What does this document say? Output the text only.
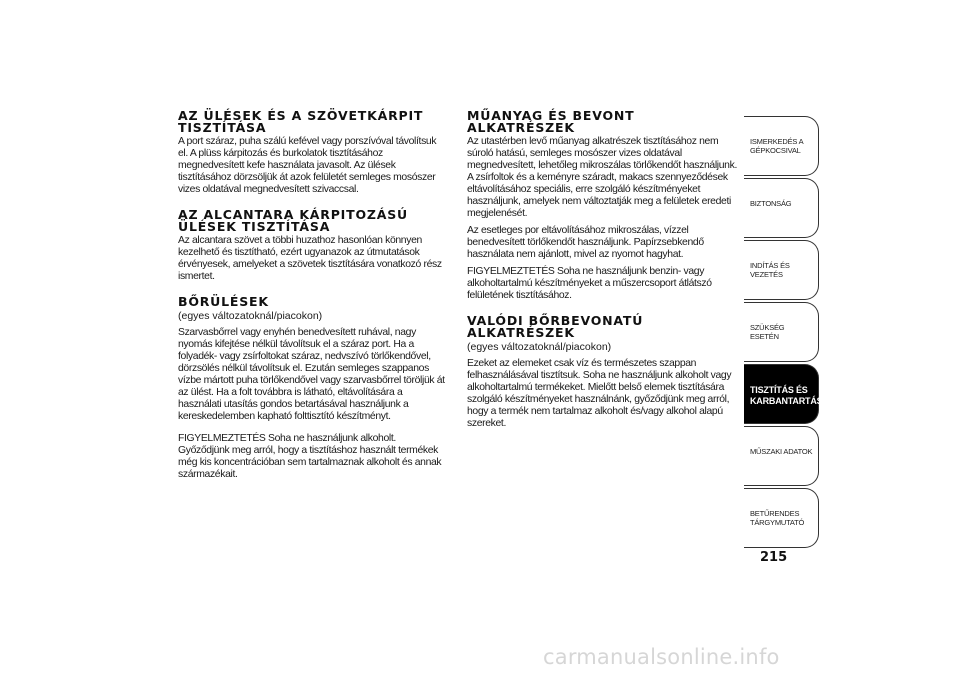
AZ ÜLÉSEK ÉS A SZÖVETKÁRPIT TISZTÍTÁSA

A port száraz, puha szálú kefével vagy porszívóval távolítsuk el. A plüss kárpitozás és burkolatok tisztításához megnedvesített kefe használata javasolt. Az ülések tisztításához dörzsöljük át azok felületét semleges mosószer vizes oldatával megnedvesített szivaccsal.

AZ ALCANTARA KÁRPITOZÁSÚ ÜLÉSEK TISZTÍTÁSA

Az alcantara szövet a többi huzathoz hasonlóan könnyen kezelhető és tisztítható, ezért ugyanazok az útmutatások érvényesek, amelyeket a szövetek tisztítására vonatkozó rész ismertet.

BŐRÜLÉSEK
(egyes változatoknál/piacokon)

Szarvasbőrrel vagy enyhén benedvesített ruhával, nagy nyomás kifejtése nélkül távolítsuk el a száraz port. Ha a folyadék- vagy zsírfoltokat száraz, nedvszívó törlőkendővel, dörzsölés nélkül távolítsuk el. Ezután semleges szappanos vízbe mártott puha törlőkendővel vagy szarvasbőrrel töröljük át az ülést. Ha a folt továbbra is látható, eltávolítására a használati utasítás gondos betartásával használjunk a kereskedelemben kapható folttisztító készítményt.

FIGYELMEZTETÉS Soha ne használjunk alkoholt. Győződjünk meg arról, hogy a tisztításhoz használt termékek még kis koncentrációban sem tartalmaznak alkoholt és annak származékait.

MŰANYAG ÉS BEVONT ALKATRÉSZEK

Az utastérben levő műanyag alkatrészek tisztításához nem súroló hatású, semleges mosószer vizes oldatával megnedvesített, lehetőleg mikroszálas törlőkendőt használjunk. A zsírfoltok és a keményre száradt, makacs szennyeződések eltávolításához speciális, erre szolgáló készítményeket használjunk, amelyek nem változtatják meg a felületek eredeti megjelenését.

Az esetleges por eltávolításához mikroszálas, vízzel benedvesített törlőkendőt használjunk. Papírzsebkendő használata nem ajánlott, mivel az nyomot hagyhat.

FIGYELMEZTETÉS Soha ne használjunk benzin- vagy alkoholtartalmú készítményeket a műszercsoport átlátszó felületének tisztításához.

VALÓDI BŐRBEVONATÚ ALKATRÉSZEK
(egyes változatoknál/piacokon)

Ezeket az elemeket csak víz és természetes szappan felhasználásával tisztítsuk. Soha ne használjunk alkoholt vagy alkoholtartalmú termékeket. Mielőtt belső elemek tisztítására szolgáló készítményeket használnánk, győződjünk meg arról, hogy a termék nem tartalmaz alkoholt és/vagy alkohol alapú szereket.

ISMERKEDÉS A GÉPKOCSIVAL
BIZTONSÁG
INDÍTÁS ÉS VEZETÉS
SZÜKSÉG ESETÉN
TISZTÍTÁS ÉS KARBANTARTÁS
MŰSZAKI ADATOK
BETŰRENDES TÁRGYMUTATÓ
215
carmanualsonline.info
